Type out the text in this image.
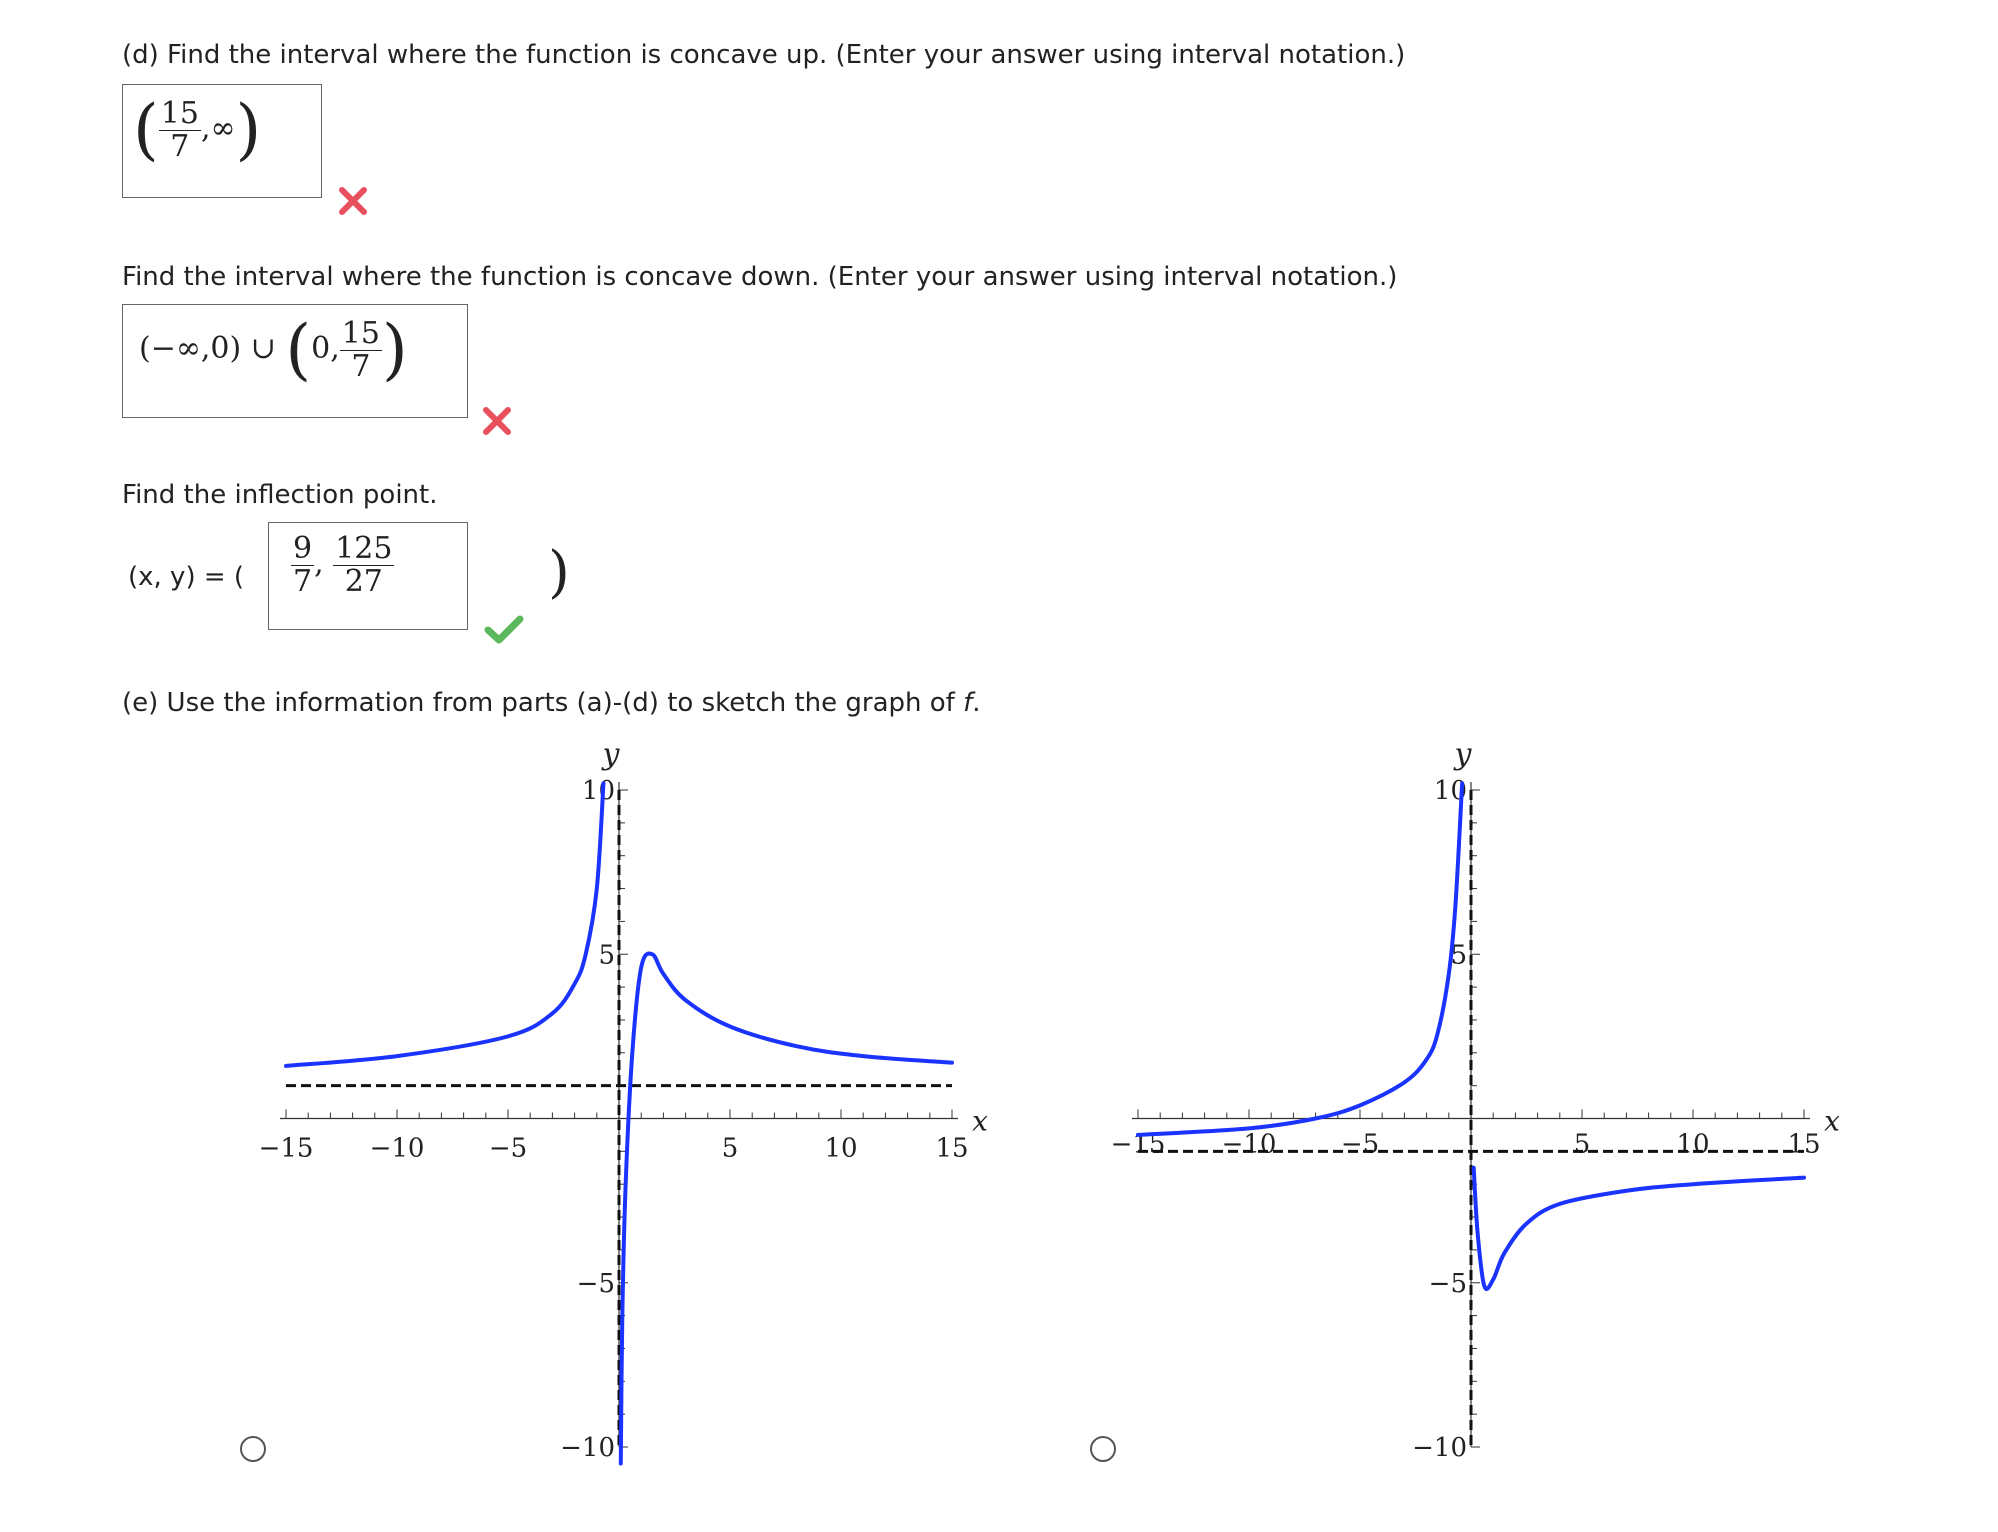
(d) Find the interval where the function is concave up. (Enter your answer using interval notation.)
( $\frac{15}{7}$ ,∞)
Find the interval where the function is concave down. (Enter your answer using interval notation.)
(−∞,0) ∪ (0, $\frac{15}{7}$ )
Find the inflection point.
(x, y) = ( $\frac{9}{7}$ , $\frac{125}{27}$	)
(e) Use the information from parts (a)-(d) to sketch the graph of f.
−15 −10 −5	5	10	15
10
5
−5
−10
x
y
−15 −10 −5	5	10	15
10
5
−5
−10
x
y
